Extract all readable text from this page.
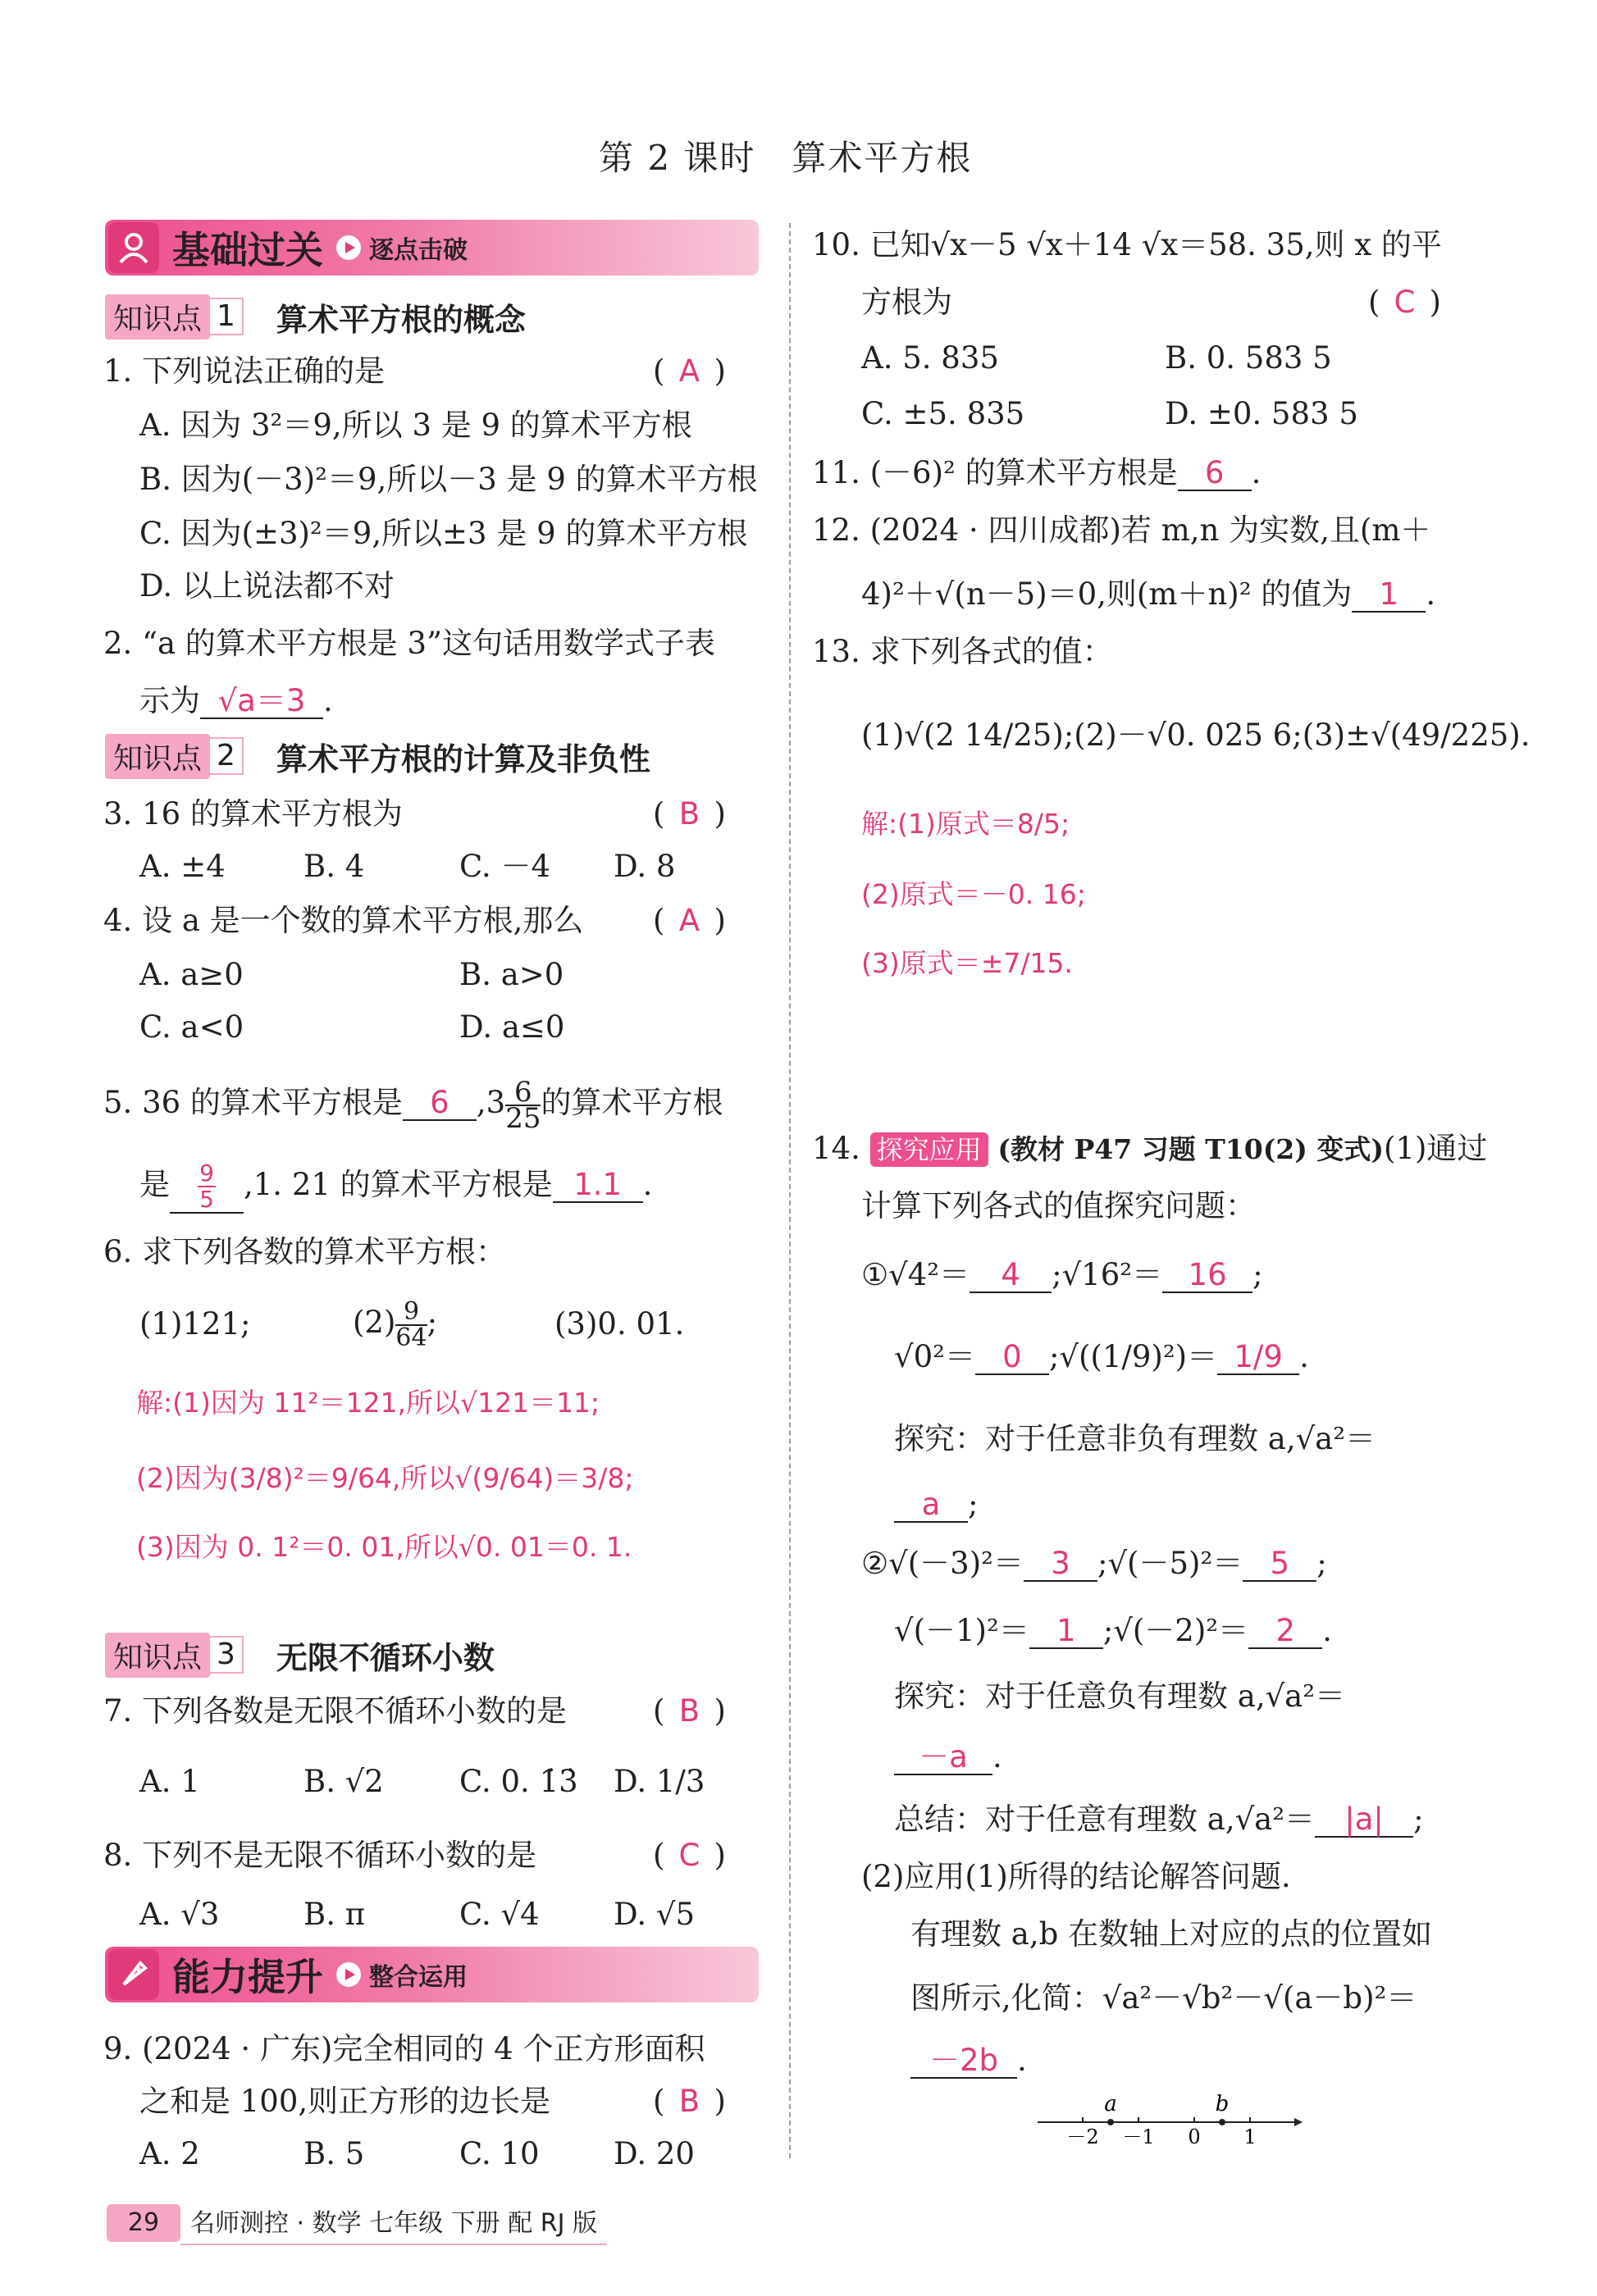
第 2 课时　算术平方根
基础过关 逐点击破
知识点 1 算术平方根的概念
1. 下列说法正确的是	( A )
A. 因为 3²＝9,所以 3 是 9 的算术平方根
B. 因为(－3)²＝9,所以－3 是 9 的算术平方根
C. 因为(±3)²＝9,所以±3 是 9 的算术平方根
D. 以上说法都不对
2. “a 的算术平方根是 3”这句话用数学式子表
示为 √a＝3 .
知识点 2 算术平方根的计算及非负性
3. 16 的算术平方根为	( B )
A. ±4	B. 4	C. －4 D. 8
4. 设 a 是一个数的算术平方根,那么 ( A )
A. a≥0	B. a>0
C. a<0	D. a≤0
5. 36 的算术平方根是 6 $,3 \frac{6}{25}$ 的算术平方根
是 $\frac{9}{5} ,1$. 21 的算术平方根是 1.1 .
6. 求下列各数的算术平方根：
(1)121;	$(2) \frac{9}{64}$ ;	(3)0. 01.
解:(1)因为 11²＝121,所以√121＝11;
(2)因为(3/8)²＝9/64,所以√(9/64)＝3/8;
(3)因为 0. 1²＝0. 01,所以√0. 01＝0. 1.
知识点 3 无限不循环小数
7. 下列各数是无限不循环小数的是	( B )
A. 1	B. √2 C. 0. 1̇3̇ D. 1/3
8. 下列不是无限不循环小数的是	( C )
A. √3	B. π	C. √4 D. √5
能力提升 整合运用
9. (2024 · 广东)完全相同的 4 个正方形面积
之和是 100,则正方形的边长是	( B )
A. 2	B. 5	C. 10 D. 20
10. 已知√x－5 √x＋14 √x＝58. 35,则 x 的平
方根为	( C )
A. 5. 835	B. 0. 583 5
C. ±5. 835	D. ±0. 583 5
11. (－6)² 的算术平方根是 6 .
12. (2024 · 四川成都)若 m,n 为实数,且(m＋
4)²＋√(n－5)＝0,则(m＋n)² 的值为 1 .
13. 求下列各式的值：
(1)√(2 14/25);(2)－√0. 025 6;(3)±√(49/225).
解:(1)原式＝8/5;
(2)原式＝－0. 16;
(3)原式＝±7/15.
14. 探究应用 (教材 P47 习题 T10(2) 变式)(1)通过
计算下列各式的值探究问题：
①√4²＝ 4 ;√16²＝ 16 ;
√0²＝ 0 ;√((1/9)²)＝ 1/9 .
探究：对于任意非负有理数 a,√a²＝
a ;
②√(－3)²＝ 3 ;√(－5)²＝ 5 ;
√(－1)²＝ 1 ;√(－2)²＝ 2 .
探究：对于任意负有理数 a,√a²＝
－a .
总结：对于任意有理数 a,√a²＝ |a| ;
(2)应用(1)所得的结论解答问题.
有理数 a,b 在数轴上对应的点的位置如
图所示,化简：√a²－√b²－√(a－b)²＝
－2b .
－2 －1 0 1
a	b
29	名师测控 · 数学 七年级 下册 配 RJ 版
